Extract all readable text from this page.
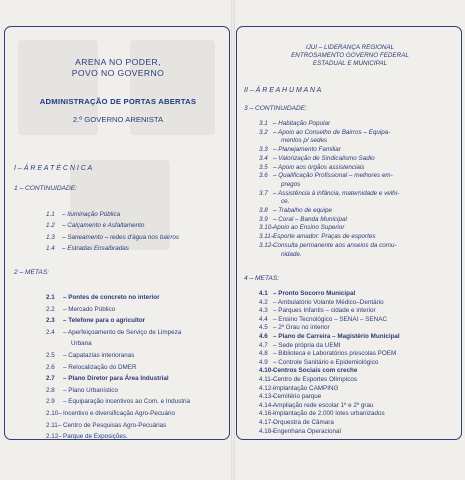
ARENA NO PODER,
POVO NO GOVERNO
ADMINISTRAÇÃO DE PORTAS ABERTAS
2.º GOVERNO ARENISTA
I – Á R E A T É C N I C A
1 – CONTINUIDADE:
1.1 – Iluminação Pública
1.2 – Calçamento e Asfaltamento
1.3 – Saneamento – redes d'água nos bairros
1.4 – Estradas Ensaibradas
2 – METAS:
2.1 – Pontes de concreto no interior
2.2 – Mercado Público
2.3 – Telefone para o agricultor
2.4 – Aperfeiçoamento de Serviço de Limpeza
Urbana
2.5 – Capatazias interioranas
2.6 – Relocalização do DMER
2.7 – Plano Diretor para Área Industrial
2.8 – Plano Urbanístico
2.9 – Equiparação incentivos ao Com. e Industria
2.10– Incentivo e diversificação Agro-Pecuário
2.11– Centro de Pesquisas Agro-Pecuárias
2.12– Parque de Exposições.
IJUI – LIDERANÇA REGIONAL
ENTROSAMENTO GOVERNO FEDERAL
ESTADUAL E MUNICIPAL
II – Á R E A H U M A N A
3 – CONTINUIDADE:
3.1 – Habitação Popular
3.2 – Apoio ao Conselho de Bairros – Equipa-
mentos p/ sedes
3.3 – Planejamento Familiar
3.4 – Valorização de Sindicalismo Sadio
3.5 – Apoio aos órgãos assistenciais
3.6 – Qualificação Profissional – melhores em-
pregos
3.7 – Assistência à infância, maternidade e velhi-
ce.
3.8 – Trabalho de equipe
3.9 – Coral – Banda Municipal
3.10–
Apoio ao Ensino Superior
3.11–
Esporte amador: Praças de esportes
3.12–
Consulta permanente aos anseios da comu-
nidade.
4 – METAS:
4.1 – Pronto Socorro Municipal
4.2 – Ambulatório Volante Médico–Dentário
4.3 – Parques Infantis – cidade e interior
4.4 – Ensino Tecnológico – SENAI – SENAC
4.5 – 2º Grau no interior
4.6 – Plano de Carreira – Magistério Municipal
4.7 – Sede própria da UEMI
4.8 – Biblioteca e Laboratórios p/escolas POEM
4.9 – Controle Sanitário e Epidemiológico
4.10–
Centros Sociais com creche
4.11–
Centro de Esportes Olímpicos
4.12–
Implantação CAMPING
4.13–
Cemitério parque
4.14–
Ampliação rede escolar 1º e 2º grau
4.16–
Implantação de 2.000 lotes urbanizados
4.17–
Orquestra de Câmara
4.18–
Engenharia Operacional
